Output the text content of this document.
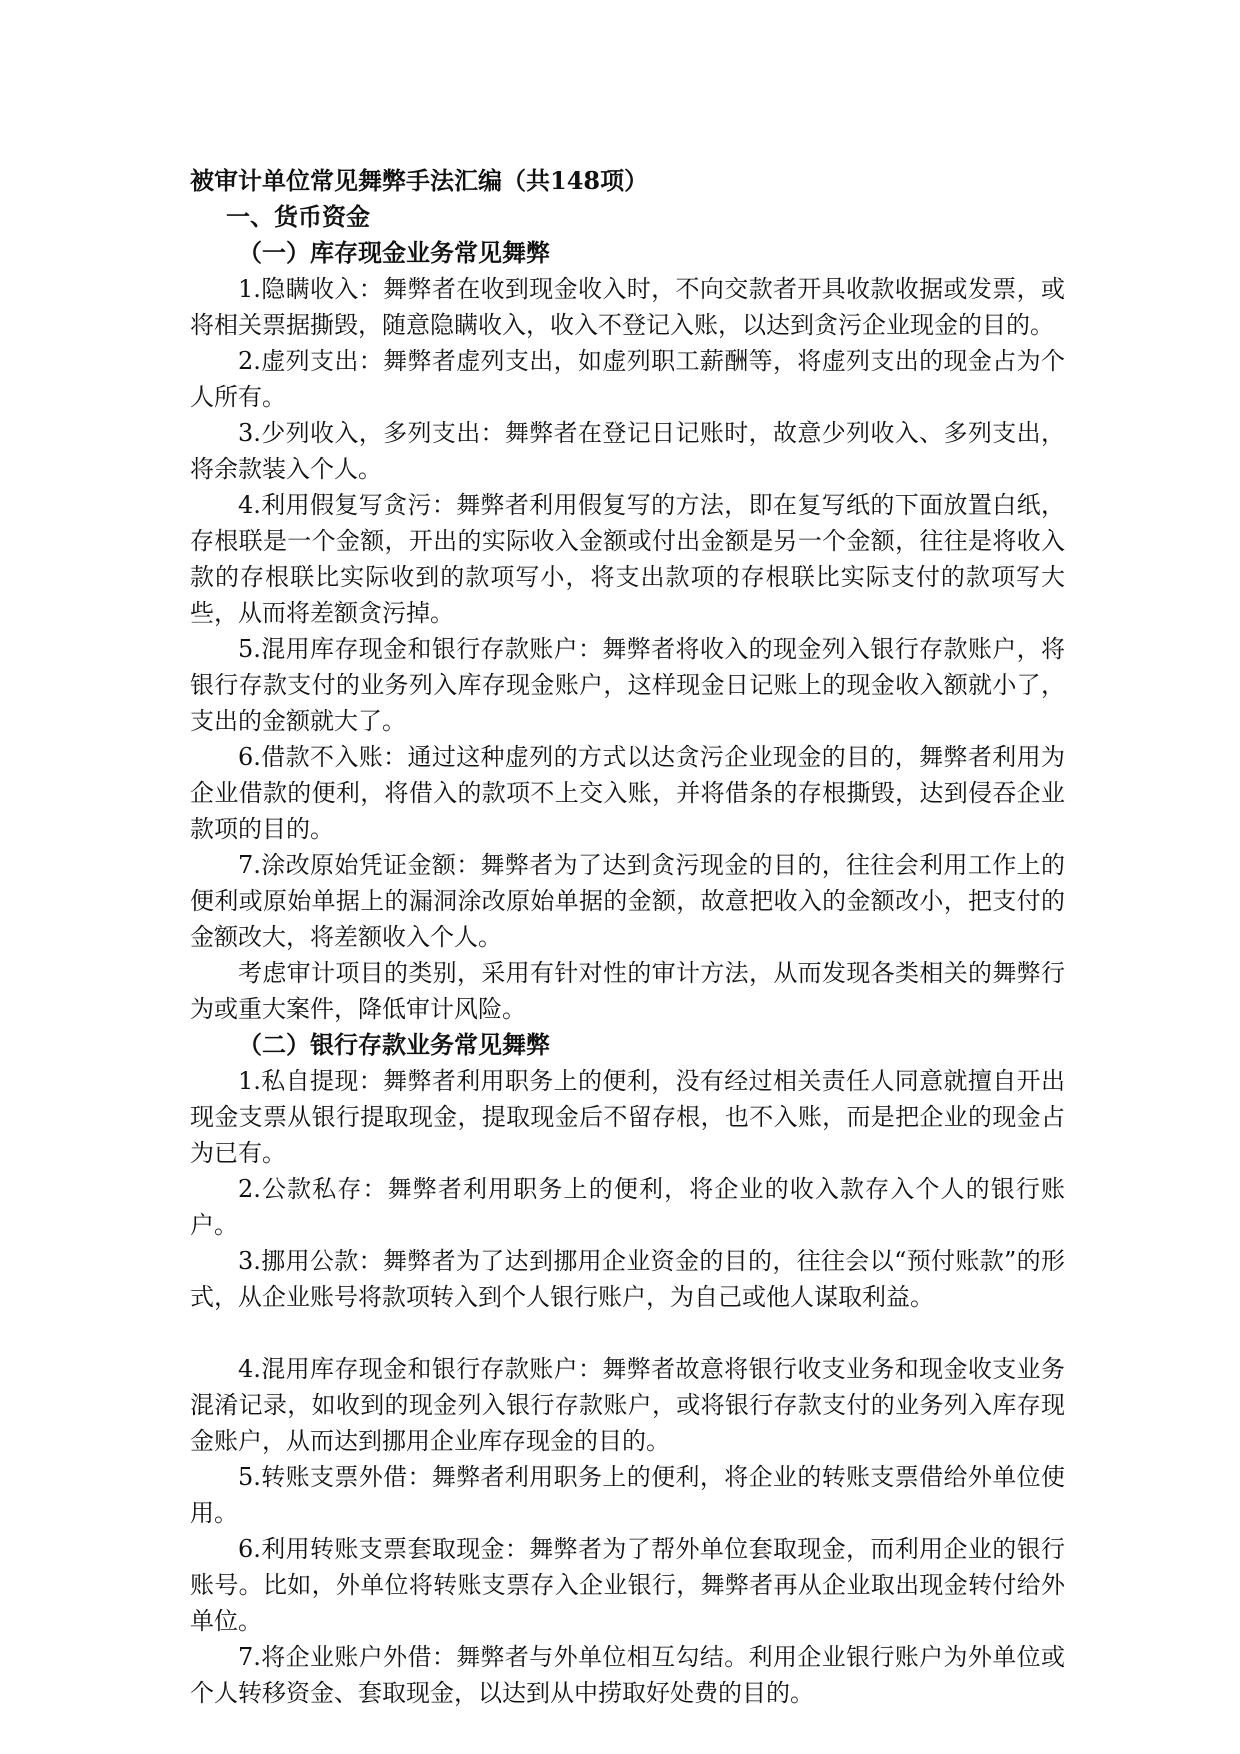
被审计单位常见舞弊手法汇编（共148项）

一、货币资金

（一）库存现金业务常见舞弊

1.隐瞒收入：舞弊者在收到现金收入时，不向交款者开具收款收据或发票，或将相关票据撕毁，随意隐瞒收入，收入不登记入账，以达到贪污企业现金的目的。

2.虚列支出：舞弊者虚列支出，如虚列职工薪酬等，将虚列支出的现金占为个人所有。

3.少列收入，多列支出：舞弊者在登记日记账时，故意少列收入、多列支出，将余款装入个人。

4.利用假复写贪污：舞弊者利用假复写的方法，即在复写纸的下面放置白纸，存根联是一个金额，开出的实际收入金额或付出金额是另一个金额，往往是将收入款的存根联比实际收到的款项写小，将支出款项的存根联比实际支付的款项写大些，从而将差额贪污掉。

5.混用库存现金和银行存款账户：舞弊者将收入的现金列入银行存款账户，将银行存款支付的业务列入库存现金账户，这样现金日记账上的现金收入额就小了，支出的金额就大了。

6.借款不入账：通过这种虚列的方式以达贪污企业现金的目的，舞弊者利用为企业借款的便利，将借入的款项不上交入账，并将借条的存根撕毁，达到侵吞企业款项的目的。

7.涂改原始凭证金额：舞弊者为了达到贪污现金的目的，往往会利用工作上的便利或原始单据上的漏洞涂改原始单据的金额，故意把收入的金额改小，把支付的金额改大，将差额收入个人。

考虑审计项目的类别，采用有针对性的审计方法，从而发现各类相关的舞弊行为或重大案件，降低审计风险。

（二）银行存款业务常见舞弊

1.私自提现：舞弊者利用职务上的便利，没有经过相关责任人同意就擅自开出现金支票从银行提取现金，提取现金后不留存根，也不入账，而是把企业的现金占为已有。

2.公款私存：舞弊者利用职务上的便利，将企业的收入款存入个人的银行账户。

3.挪用公款：舞弊者为了达到挪用企业资金的目的，往往会以“预付账款”的形式，从企业账号将款项转入到个人银行账户，为自己或他人谋取利益。

4.混用库存现金和银行存款账户：舞弊者故意将银行收支业务和现金收支业务混淆记录，如收到的现金列入银行存款账户，或将银行存款支付的业务列入库存现金账户，从而达到挪用企业库存现金的目的。

5.转账支票外借：舞弊者利用职务上的便利，将企业的转账支票借给外单位使用。

6.利用转账支票套取现金：舞弊者为了帮外单位套取现金，而利用企业的银行账号。比如，外单位将转账支票存入企业银行，舞弊者再从企业取出现金转付给外单位。

7.将企业账户外借：舞弊者与外单位相互勾结。利用企业银行账户为外单位或个人转移资金、套取现金，以达到从中捞取好处费的目的。
